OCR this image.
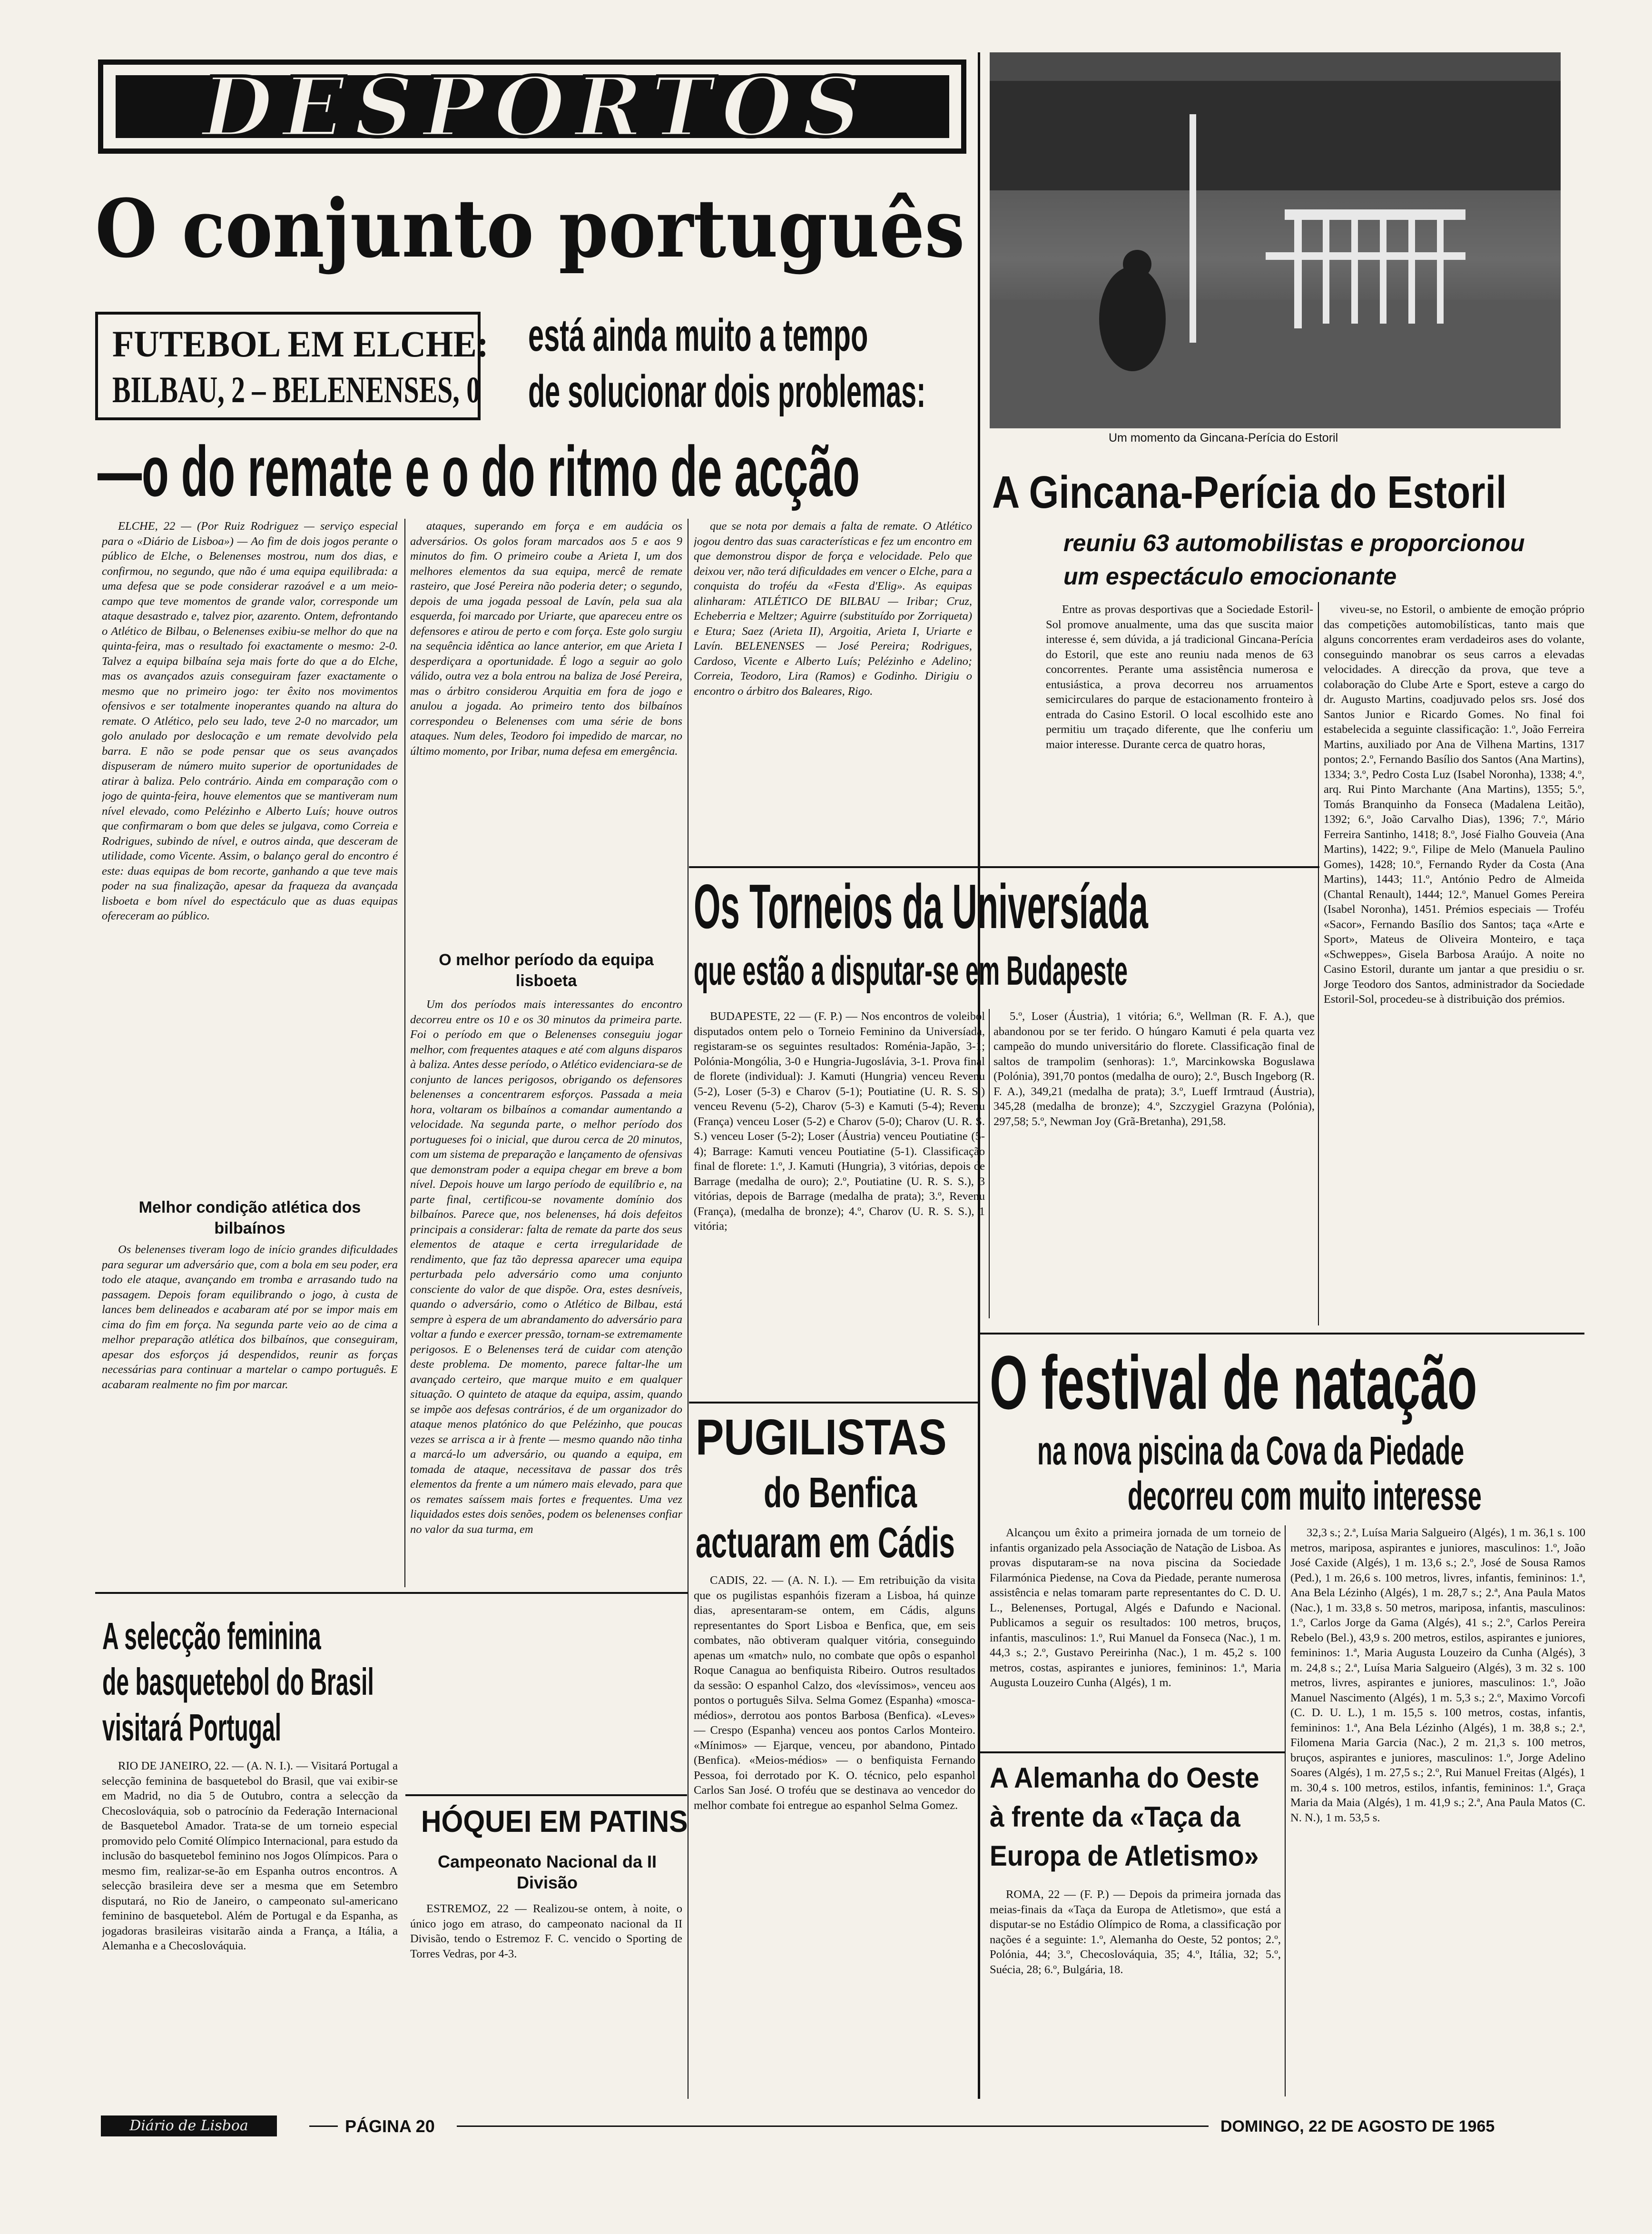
DESPORTOS
O conjunto português
FUTEBOL EM ELCHE:
BILBAU, 2 – BELENENSES, 0
está ainda muito a tempo
de solucionar dois problemas:
—o do remate e o do ritmo de acção

ELCHE, 22 — (Por Ruiz Rodriguez — serviço especial para o «Diário de Lisboa») — Ao fim de dois jogos perante o público de Elche, o Belenenses mostrou, num dos dias, e confirmou, no segundo, que não é uma equipa equilibrada: a uma defesa que se pode considerar razoável e a um meio-campo que teve momentos de grande valor, corresponde um ataque desastrado e, talvez pior, azarento. Ontem, defrontando o Atlético de Bilbau, o Belenenses exibiu-se melhor do que na quinta-feira, mas o resultado foi exactamente o mesmo: 2-0. Talvez a equipa bilbaína seja mais forte do que a do Elche, mas os avançados azuis conseguiram fazer exactamente o mesmo que no primeiro jogo: ter êxito nos movimentos ofensivos e ser totalmente inoperantes quando na altura do remate. O Atlético, pelo seu lado, teve 2-0 no marcador, um golo anulado por deslocação e um remate devolvido pela barra. E não se pode pensar que os seus avançados dispuseram de número muito superior de oportunidades de atirar à baliza. Pelo contrário. Ainda em comparação com o jogo de quinta-feira, houve elementos que se mantiveram num nível elevado, como Pelézinho e Alberto Luís; houve outros que confirmaram o bom que deles se julgava, como Correia e Rodrigues, subindo de nível, e outros ainda, que desceram de utilidade, como Vicente. Assim, o balanço geral do encontro é este: duas equipas de bom recorte, ganhando a que teve mais poder na sua finalização, apesar da fraqueza da avançada lisboeta e bom nível do espectáculo que as duas equipas ofereceram ao público.

Melhor condição atlética dos bilbaínos

Os belenenses tiveram logo de início grandes dificuldades para segurar um adversário que, com a bola em seu poder, era todo ele ataque, avançando em tromba e arrasando tudo na passagem. Depois foram equilibrando o jogo, à custa de lances bem delineados e acabaram até por se impor mais em cima do fim em força. Na segunda parte veio ao de cima a melhor preparação atlética dos bilbaínos, que conseguiram, apesar dos esforços já despendidos, reunir as forças necessárias para continuar a martelar o campo português. E acabaram realmente no fim por marcar.

ataques, superando em força e em audácia os adversários. Os golos foram marcados aos 5 e aos 9 minutos do fim. O primeiro coube a Arieta I, um dos melhores elementos da sua equipa, mercê de remate rasteiro, que José Pereira não poderia deter; o segundo, depois de uma jogada pessoal de Lavín, pela sua ala esquerda, foi marcado por Uriarte, que apareceu entre os defensores e atirou de perto e com força. Este golo surgiu na sequência idêntica ao lance anterior, em que Arieta I desperdiçara a oportunidade. É logo a seguir ao golo válido, outra vez a bola entrou na baliza de José Pereira, mas o árbitro considerou Arquitia em fora de jogo e anulou a jogada. Ao primeiro tento dos bilbaínos correspondeu o Belenenses com uma série de bons ataques. Num deles, Teodoro foi impedido de marcar, no último momento, por Iribar, numa defesa em emergência.

O melhor período da equipa lisboeta

Um dos períodos mais interessantes do encontro decorreu entre os 10 e os 30 minutos da primeira parte. Foi o período em que o Belenenses conseguiu jogar melhor, com frequentes ataques e até com alguns disparos à baliza. Antes desse período, o Atlético evidenciara-se de conjunto de lances perigosos, obrigando os defensores belenenses a concentrarem esforços. Passada a meia hora, voltaram os bilbaínos a comandar aumentando a velocidade. Na segunda parte, o melhor período dos portugueses foi o inicial, que durou cerca de 20 minutos, com um sistema de preparação e lançamento de ofensivas que demonstram poder a equipa chegar em breve a bom nível. Depois houve um largo período de equilíbrio e, na parte final, certificou-se novamente domínio dos bilbaínos. Parece que, nos belenenses, há dois defeitos principais a considerar: falta de remate da parte dos seus elementos de ataque e certa irregularidade de rendimento, que faz tão depressa aparecer uma equipa perturbada pelo adversário como uma conjunto consciente do valor de que dispõe. Ora, estes desníveis, quando o adversário, como o Atlético de Bilbau, está sempre à espera de um abrandamento do adversário para voltar a fundo e exercer pressão, tornam-se extremamente perigosos. E o Belenenses terá de cuidar com atenção deste problema. De momento, parece faltar-lhe um avançado certeiro, que marque muito e em qualquer situação. O quinteto de ataque da equipa, assim, quando se impõe aos defesas contrários, é de um organizador do ataque menos platónico do que Pelézinho, que poucas vezes se arrisca a ir à frente — mesmo quando não tinha a marcá-lo um adversário, ou quando a equipa, em tomada de ataque, necessitava de passar dos três elementos da frente a um número mais elevado, para que os remates saíssem mais fortes e frequentes. Uma vez liquidados estes dois senões, podem os belenenses confiar no valor da sua turma, em

que se nota por demais a falta de remate. O Atlético jogou dentro das suas características e fez um encontro em que demonstrou dispor de força e velocidade. Pelo que deixou ver, não terá dificuldades em vencer o Elche, para a conquista do troféu da «Festa d'Elig». As equipas alinharam: ATLÉTICO DE BILBAU — Iribar; Cruz, Echeberria e Meltzer; Aguirre (substituído por Zorriqueta) e Etura; Saez (Arieta II), Argoitia, Arieta I, Uriarte e Lavín. BELENENSES — José Pereira; Rodrigues, Cardoso, Vicente e Alberto Luís; Pelézinho e Adelino; Correia, Teodoro, Lira (Ramos) e Godinho. Dirigiu o encontro o árbitro dos Baleares, Rigo.

A selecção feminina
de basquetebol do Brasil
visitará Portugal

RIO DE JANEIRO, 22. — (A. N. I.). — Visitará Portugal a selecção feminina de basquetebol do Brasil, que vai exibir-se em Madrid, no dia 5 de Outubro, contra a selecção da Checoslováquia, sob o patrocínio da Federação Internacional de Basquetebol Amador. Trata-se de um torneio especial promovido pelo Comité Olímpico Internacional, para estudo da inclusão do basquetebol feminino nos Jogos Olímpicos. Para o mesmo fim, realizar-se-ão em Espanha outros encontros. A selecção brasileira deve ser a mesma que em Setembro disputará, no Rio de Janeiro, o campeonato sul-americano feminino de basquetebol. Além de Portugal e da Espanha, as jogadoras brasileiras visitarão ainda a França, a Itália, a Alemanha e a Checoslováquia.

HÓQUEI EM PATINS
Campeonato Nacional da II Divisão

ESTREMOZ, 22 — Realizou-se ontem, à noite, o único jogo em atraso, do campeonato nacional da II Divisão, tendo o Estremoz F. C. vencido o Sporting de Torres Vedras, por 4-3.

Um momento da Gincana-Perícia do Estoril
A Gincana-Perícia do Estoril
reuniu 63 automobilistas e proporcionou
um espectáculo emocionante

Entre as provas desportivas que a Sociedade Estoril-Sol promove anualmente, uma das que suscita maior interesse é, sem dúvida, a já tradicional Gincana-Perícia do Estoril, que este ano reuniu nada menos de 63 concorrentes. Perante uma assistência numerosa e entusiástica, a prova decorreu nos arruamentos semicirculares do parque de estacionamento fronteiro à entrada do Casino Estoril. O local escolhido este ano permitiu um traçado diferente, que lhe conferiu um maior interesse. Durante cerca de quatro horas,

viveu-se, no Estoril, o ambiente de emoção próprio das competições automobilísticas, tanto mais que alguns concorrentes eram verdadeiros ases do volante, conseguindo manobrar os seus carros a elevadas velocidades. A direcção da prova, que teve a colaboração do Clube Arte e Sport, esteve a cargo do dr. Augusto Martins, coadjuvado pelos srs. José dos Santos Junior e Ricardo Gomes. No final foi estabelecida a seguinte classificação: 1.º, João Ferreira Martins, auxiliado por Ana de Vilhena Martins, 1317 pontos; 2.º, Fernando Basílio dos Santos (Ana Martins), 1334; 3.º, Pedro Costa Luz (Isabel Noronha), 1338; 4.º, arq. Rui Pinto Marchante (Ana Martins), 1355; 5.º, Tomás Branquinho da Fonseca (Madalena Leitão), 1392; 6.º, João Carvalho Dias), 1396; 7.º, Mário Ferreira Santinho, 1418; 8.º, José Fialho Gouveia (Ana Martins), 1422; 9.º, Filipe de Melo (Manuela Paulino Gomes), 1428; 10.º, Fernando Ryder da Costa (Ana Martins), 1443; 11.º, António Pedro de Almeida (Chantal Renault), 1444; 12.º, Manuel Gomes Pereira (Isabel Noronha), 1451. Prémios especiais — Troféu «Sacor», Fernando Basílio dos Santos; taça «Arte e Sport», Mateus de Oliveira Monteiro, e taça «Schweppes», Gisela Barbosa Araújo. A noite no Casino Estoril, durante um jantar a que presidiu o sr. Jorge Teodoro dos Santos, administrador da Sociedade Estoril-Sol, procedeu-se à distribuição dos prémios.

Os Torneios da Universíada
que estão a disputar-se em Budapeste

BUDAPESTE, 22 — (F. P.) — Nos encontros de voleibol disputados ontem pelo o Torneio Feminino da Universíada, registaram-se os seguintes resultados: Roménia-Japão, 3-1; Polónia-Mongólia, 3-0 e Hungria-Jugoslávia, 3-1. Prova final de florete (individual): J. Kamuti (Hungria) venceu Revenu (5-2), Loser (5-3) e Charov (5-1); Poutiatine (U. R. S. S.) venceu Revenu (5-2), Charov (5-3) e Kamuti (5-4); Revenu (França) venceu Loser (5-2) e Charov (5-0); Charov (U. R. S. S.) venceu Loser (5-2); Loser (Áustria) venceu Poutiatine (5-4); Barrage: Kamuti venceu Poutiatine (5-1). Classificação final de florete: 1.º, J. Kamuti (Hungria), 3 vitórias, depois de Barrage (medalha de ouro); 2.º, Poutiatine (U. R. S. S.), 3 vitórias, depois de Barrage (medalha de prata); 3.º, Revenu (França), (medalha de bronze); 4.º, Charov (U. R. S. S.), 1 vitória;

5.º, Loser (Áustria), 1 vitória; 6.º, Wellman (R. F. A.), que abandonou por se ter ferido. O húngaro Kamuti é pela quarta vez campeão do mundo universitário do florete. Classificação final de saltos de trampolim (senhoras): 1.º, Marcinkowska Boguslawa (Polónia), 391,70 pontos (medalha de ouro); 2.º, Busch Ingeborg (R. F. A.), 349,21 (medalha de prata); 3.º, Lueff Irmtraud (Áustria), 345,28 (medalha de bronze); 4.º, Szczygiel Grazyna (Polónia), 297,58; 5.º, Newman Joy (Grã-Bretanha), 291,58.

O festival de natação
na nova piscina da Cova da Piedade
decorreu com muito interesse

Alcançou um êxito a primeira jornada de um torneio de infantis organizado pela Associação de Natação de Lisboa. As provas disputaram-se na nova piscina da Sociedade Filarmónica Piedense, na Cova da Piedade, perante numerosa assistência e nelas tomaram parte representantes do C. D. U. L., Belenenses, Portugal, Algés e Dafundo e Nacional. Publicamos a seguir os resultados: 100 metros, bruços, infantis, masculinos: 1.º, Rui Manuel da Fonseca (Nac.), 1 m. 44,3 s.; 2.º, Gustavo Pereirinha (Nac.), 1 m. 45,2 s. 100 metros, costas, aspirantes e juniores, femininos: 1.ª, Maria Augusta Louzeiro Cunha (Algés), 1 m.

32,3 s.; 2.ª, Luísa Maria Salgueiro (Algés), 1 m. 36,1 s. 100 metros, mariposa, aspirantes e juniores, masculinos: 1.º, João José Caxide (Algés), 1 m. 13,6 s.; 2.º, José de Sousa Ramos (Ped.), 1 m. 26,6 s. 100 metros, livres, infantis, femininos: 1.ª, Ana Bela Lézinho (Algés), 1 m. 28,7 s.; 2.ª, Ana Paula Matos (Nac.), 1 m. 33,8 s. 50 metros, mariposa, infantis, masculinos: 1.º, Carlos Jorge da Gama (Algés), 41 s.; 2.º, Carlos Pereira Rebelo (Bel.), 43,9 s. 200 metros, estilos, aspirantes e juniores, femininos: 1.ª, Maria Augusta Louzeiro da Cunha (Algés), 3 m. 24,8 s.; 2.ª, Luísa Maria Salgueiro (Algés), 3 m. 32 s. 100 metros, livres, aspirantes e juniores, masculinos: 1.º, João Manuel Nascimento (Algés), 1 m. 5,3 s.; 2.º, Maximo Vorcofi (C. D. U. L.), 1 m. 15,5 s. 100 metros, costas, infantis, femininos: 1.ª, Ana Bela Lézinho (Algés), 1 m. 38,8 s.; 2.ª, Filomena Maria Garcia (Nac.), 2 m. 21,3 s. 100 metros, bruços, aspirantes e juniores, masculinos: 1.º, Jorge Adelino Soares (Algés), 1 m. 27,5 s.; 2.º, Rui Manuel Freitas (Algés), 1 m. 30,4 s. 100 metros, estilos, infantis, femininos: 1.ª, Graça Maria da Maia (Algés), 1 m. 41,9 s.; 2.ª, Ana Paula Matos (C. N. N.), 1 m. 53,5 s.

PUGILISTAS
do Benfica
actuaram em Cádis

CADIS, 22. — (A. N. I.). — Em retribuição da visita que os pugilistas espanhóis fizeram a Lisboa, há quinze dias, apresentaram-se ontem, em Cádis, alguns representantes do Sport Lisboa e Benfica, que, em seis combates, não obtiveram qualquer vitória, conseguindo apenas um «match» nulo, no combate que opôs o espanhol Roque Canagua ao benfiquista Ribeiro. Outros resultados da sessão: O espanhol Calzo, dos «levíssimos», venceu aos pontos o português Silva. Selma Gomez (Espanha) «mosca-médios», derrotou aos pontos Barbosa (Benfica). «Leves» — Crespo (Espanha) venceu aos pontos Carlos Monteiro. «Mínimos» — Ejarque, venceu, por abandono, Pintado (Benfica). «Meios-médios» — o benfiquista Fernando Pessoa, foi derrotado por K. O. técnico, pelo espanhol Carlos San José. O troféu que se destinava ao vencedor do melhor combate foi entregue ao espanhol Selma Gomez.

A Alemanha do Oeste
à frente da «Taça da
Europa de Atletismo»

ROMA, 22 — (F. P.) — Depois da primeira jornada das meias-finais da «Taça da Europa de Atletismo», que está a disputar-se no Estádio Olímpico de Roma, a classificação por nações é a seguinte: 1.º, Alemanha do Oeste, 52 pontos; 2.º, Polónia, 44; 3.º, Checoslováquia, 35; 4.º, Itália, 32; 5.º, Suécia, 28; 6.º, Bulgária, 18.

Diário de Lisboa	PÁGINA 20	DOMINGO, 22 DE AGOSTO DE 1965
